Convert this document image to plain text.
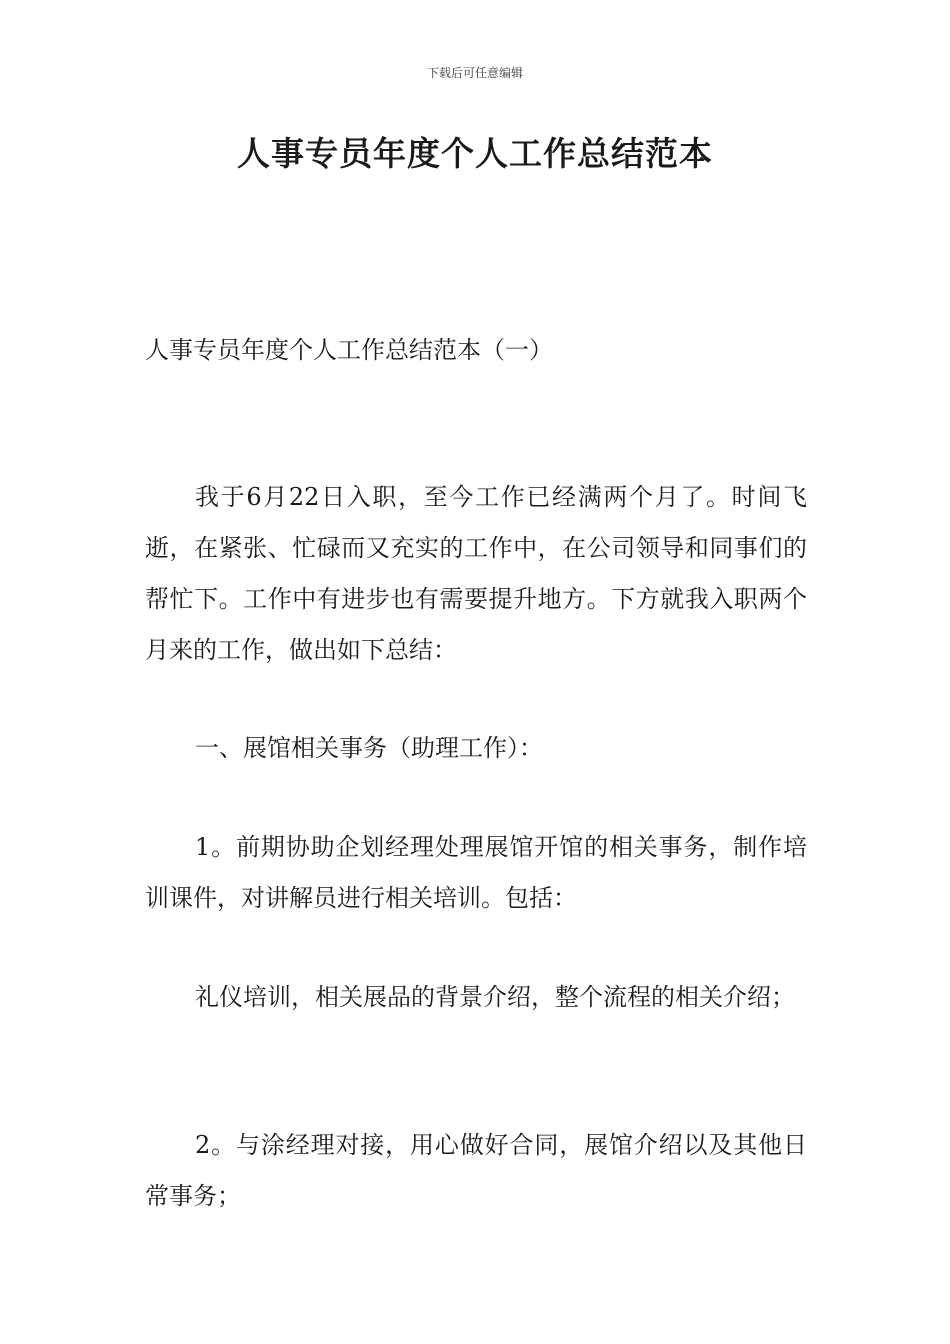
下载后可任意编辑
人事专员年度个人工作总结范本
人事专员年度个人工作总结范本（一）

我于6月22日入职，至今工作已经满两个月了。时间飞逝，在紧张、忙碌而又充实的工作中，在公司领导和同事们的帮忙下。工作中有进步也有需要提升地方。下方就我入职两个月来的工作，做出如下总结：

一、展馆相关事务（助理工作）：

1。前期协助企划经理处理展馆开馆的相关事务，制作培训课件，对讲解员进行相关培训。包括：

礼仪培训，相关展品的背景介绍，整个流程的相关介绍；

2。与涂经理对接，用心做好合同，展馆介绍以及其他日常事务；
